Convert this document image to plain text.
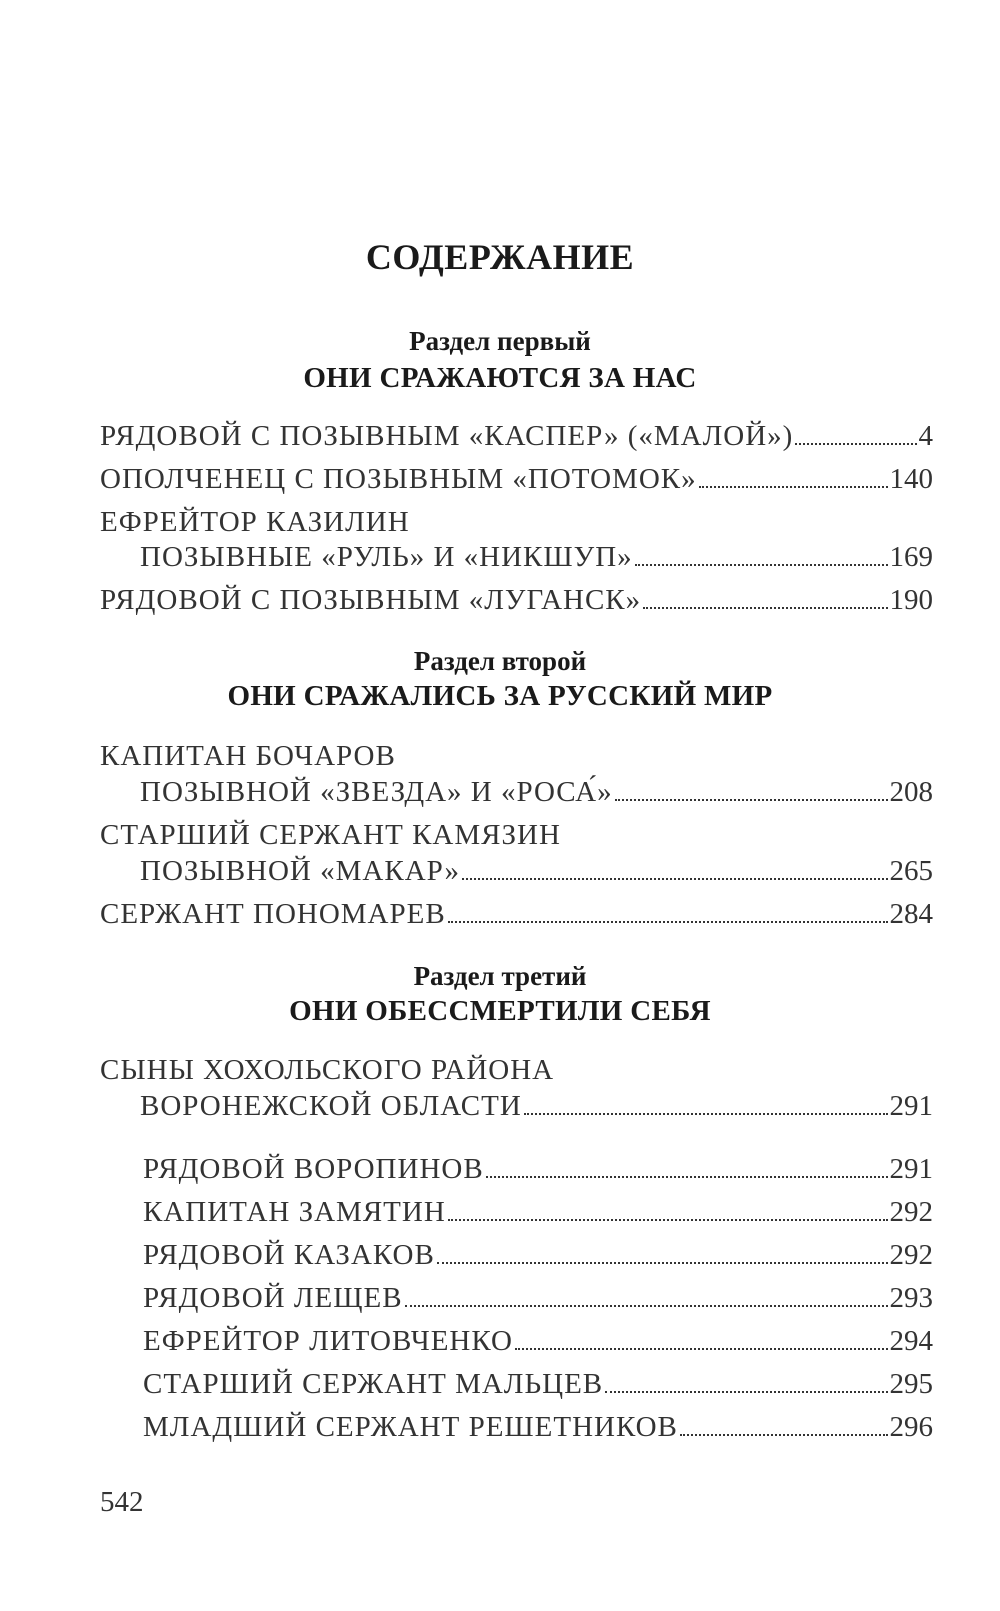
СОДЕРЖАНИЕ
Раздел первый
ОНИ СРАЖАЮТСЯ ЗА НАС
РЯДОВОЙ С ПОЗЫВНЫМ «КАСПЕР» («МАЛОЙ»)	4
ОПОЛЧЕНЕЦ С ПОЗЫВНЫМ «ПОТОМОК»	140
ЕФРЕЙТОР КАЗИЛИН
ПОЗЫВНЫЕ «РУЛЬ» И «НИКШУП»	169
РЯДОВОЙ С ПОЗЫВНЫМ «ЛУГАНСК»	190
Раздел второй
ОНИ СРАЖАЛИСЬ ЗА РУССКИЙ МИР
КАПИТАН БОЧАРОВ
ПОЗЫВНОЙ «ЗВЕЗДА» И «РОСА́»	208
СТАРШИЙ СЕРЖАНТ КАМЯЗИН
ПОЗЫВНОЙ «МАКАР»	265
СЕРЖАНТ ПОНОМАРЕВ	284
Раздел третий
ОНИ ОБЕССМЕРТИЛИ СЕБЯ
СЫНЫ ХОХОЛЬСКОГО РАЙОНА
ВОРОНЕЖСКОЙ ОБЛАСТИ	291
РЯДОВОЙ ВОРОПИНОВ	291
КАПИТАН ЗАМЯТИН	292
РЯДОВОЙ КАЗАКОВ	292
РЯДОВОЙ ЛЕЩЕВ	293
ЕФРЕЙТОР ЛИТОВЧЕНКО	294
СТАРШИЙ СЕРЖАНТ МАЛЬЦЕВ	295
МЛАДШИЙ СЕРЖАНТ РЕШЕТНИКОВ	296
542
